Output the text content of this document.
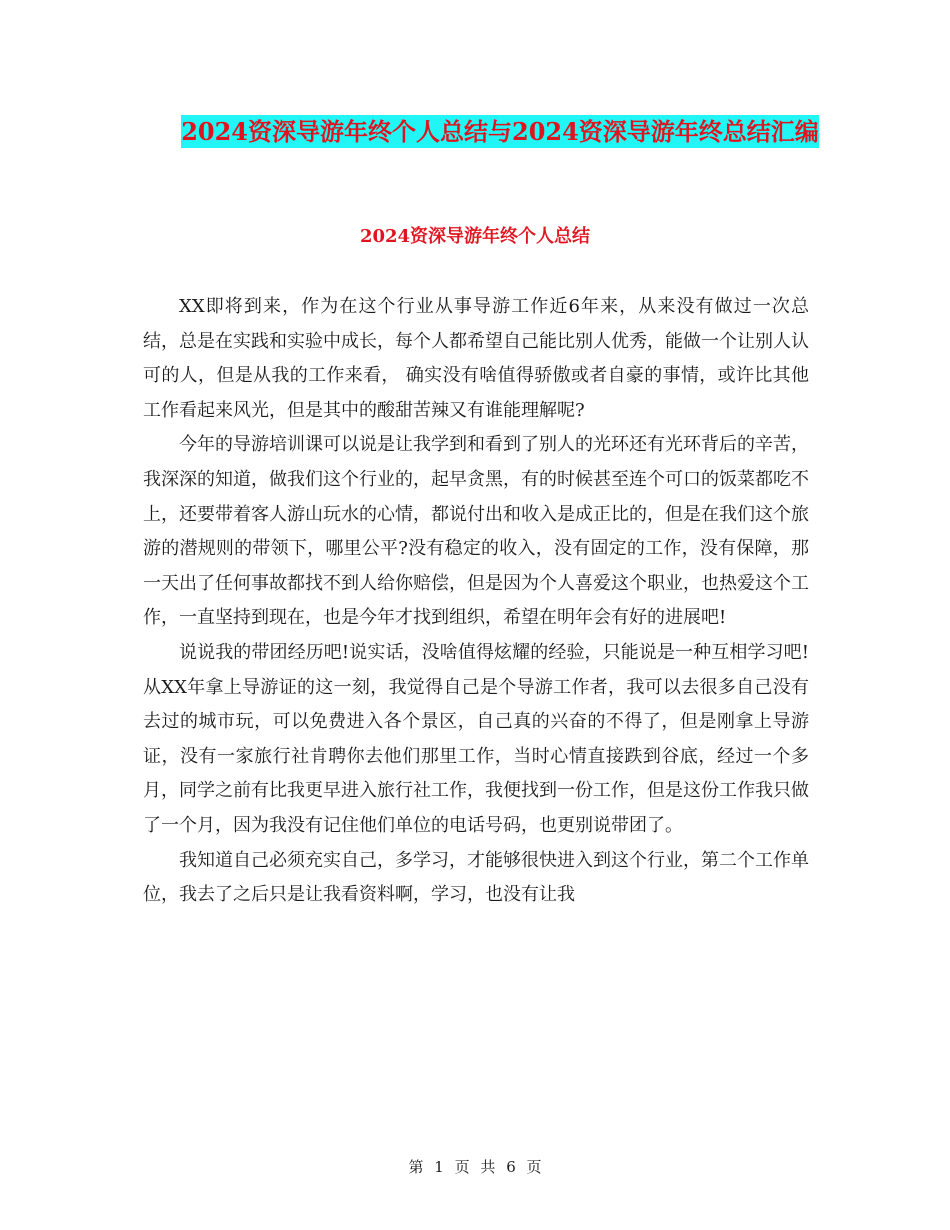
2024资深导游年终个人总结与2024资深导游年终总结汇编
2024资深导游年终个人总结

XX即将到来，作为在这个行业从事导游工作近6年来，从来没有做过一次总结，总是在实践和实验中成长，每个人都希望自己能比别人优秀，能做一个让别人认可的人，但是从我的工作来看， 确实没有啥值得骄傲或者自豪的事情，或许比其他工作看起来风光，但是其中的酸甜苦辣又有谁能理解呢?

今年的导游培训课可以说是让我学到和看到了别人的光环还有光环背后的辛苦，我深深的知道，做我们这个行业的，起早贪黑，有的时候甚至连个可口的饭菜都吃不上，还要带着客人游山玩水的心情，都说付出和收入是成正比的，但是在我们这个旅游的潜规则的带领下，哪里公平?没有稳定的收入，没有固定的工作，没有保障，那一天出了任何事故都找不到人给你赔偿，但是因为个人喜爱这个职业，也热爱这个工作，一直坚持到现在，也是今年才找到组织，希望在明年会有好的进展吧!

说说我的带团经历吧!说实话，没啥值得炫耀的经验，只能说是一种互相学习吧!从XX年拿上导游证的这一刻，我觉得自己是个导游工作者，我可以去很多自己没有去过的城市玩，可以免费进入各个景区，自己真的兴奋的不得了，但是刚拿上导游证，没有一家旅行社肯聘你去他们那里工作，当时心情直接跌到谷底，经过一个多月，同学之前有比我更早进入旅行社工作，我便找到一份工作，但是这份工作我只做了一个月，因为我没有记住他们单位的电话号码，也更别说带团了。

我知道自己必须充实自己，多学习，才能够很快进入到这个行业，第二个工作单位，我去了之后只是让我看资料啊，学习，也没有让我

第 1 页 共 6 页
